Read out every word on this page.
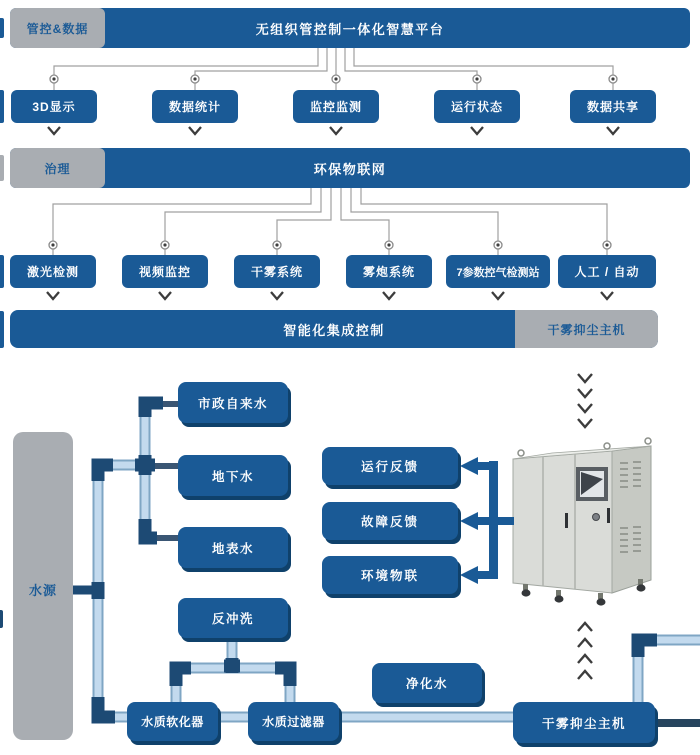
无组织管控制一体化智慧平台
管控&数据
3D显示	数据统计	监控监测	运行状态	数据共享
环保物联网
治理
激光检测	视频监控	干雾系统	雾炮系统	7参数控气检测站	人工 / 自动
智能化集成控制	干雾抑尘主机
水源
市政自来水
地下水
地表水
反冲洗
水质软化器	水质过滤器
净化水
干雾抑尘主机
运行反馈
故障反馈
环境物联
